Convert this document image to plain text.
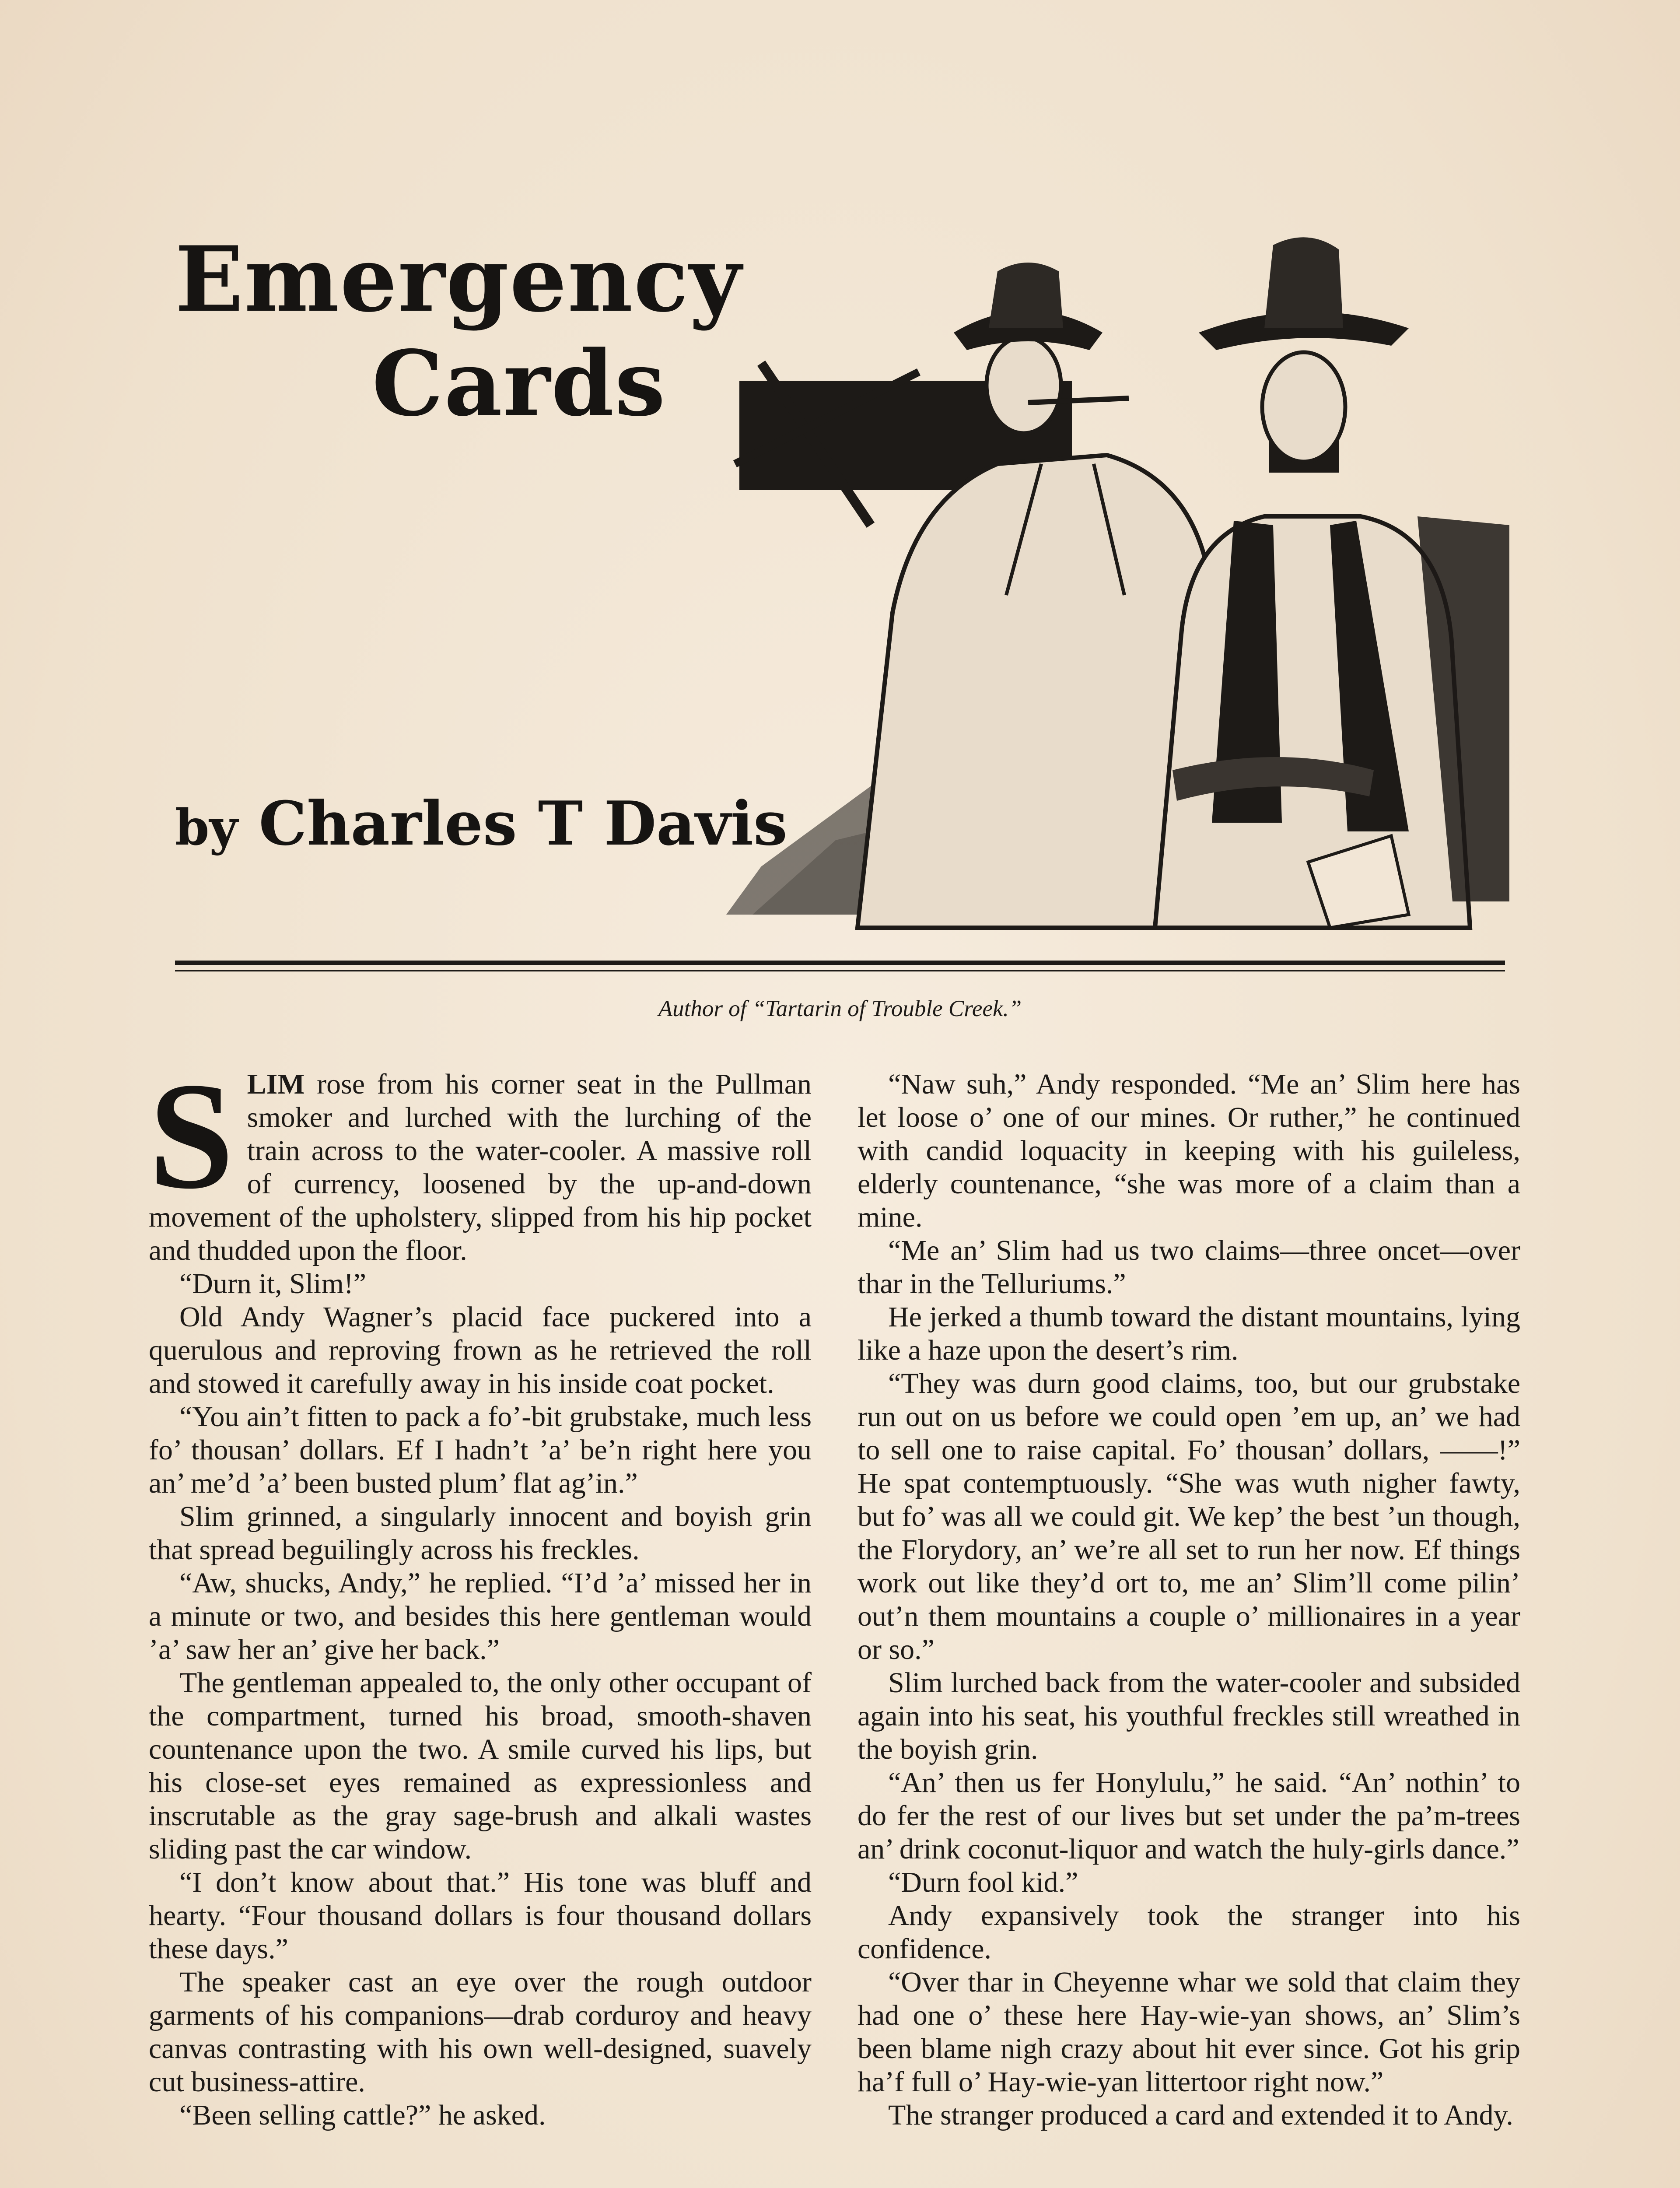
Emergency
Cards
by Charles T Davis

Author of “Tartarin of Trouble Creek.”

SLIM rose from his corner seat in the Pullman smoker and lurched with the lurching of the train across to the water-cooler. A massive roll of currency, loosened by the up-and-down movement of the upholstery, slipped from his hip pocket and thudded upon the floor.

“Durn it, Slim!”

Old Andy Wagner’s placid face puckered into a querulous and reproving frown as he retrieved the roll and stowed it carefully away in his inside coat pocket.

“You ain’t fitten to pack a fo’-bit grubstake, much less fo’ thousan’ dollars. Ef I hadn’t ’a’ be’n right here you an’ me’d ’a’ been busted plum’ flat ag’in.”

Slim grinned, a singularly innocent and boyish grin that spread beguilingly across his freckles.

“Aw, shucks, Andy,” he replied. “I’d ’a’ missed her in a minute or two, and besides this here gentleman would ’a’ saw her an’ give her back.”

The gentleman appealed to, the only other occupant of the compartment, turned his broad, smooth-shaven countenance upon the two. A smile curved his lips, but his close-set eyes remained as expressionless and inscrutable as the gray sage-brush and alkali wastes sliding past the car window.

“I don’t know about that.” His tone was bluff and hearty. “Four thousand dollars is four thousand dollars these days.”

The speaker cast an eye over the rough outdoor garments of his companions—drab corduroy and heavy canvas contrasting with his own well-designed, suavely cut business-attire.

“Been selling cattle?” he asked.

“Naw suh,” Andy responded. “Me an’ Slim here has let loose o’ one of our mines. Or ruther,” he continued with candid loquacity in keeping with his guileless, elderly countenance, “she was more of a claim than a mine.

“Me an’ Slim had us two claims—three oncet—over thar in the Telluriums.”

He jerked a thumb toward the distant mountains, lying like a haze upon the desert’s rim.

“They was durn good claims, too, but our grubstake run out on us before we could open ’em up, an’ we had to sell one to raise capital. Fo’ thousan’ dollars, ——!” He spat contemptuously. “She was wuth nigher fawty, but fo’ was all we could git. We kep’ the best ’un though, the Florydory, an’ we’re all set to run her now. Ef things work out like they’d ort to, me an’ Slim’ll come pilin’ out’n them mountains a couple o’ millionaires in a year or so.”

Slim lurched back from the water-cooler and subsided again into his seat, his youthful freckles still wreathed in the boyish grin.

“An’ then us fer Honylulu,” he said. “An’ nothin’ to do fer the rest of our lives but set under the pa’m-trees an’ drink coconut-liquor and watch the huly-girls dance.”

“Durn fool kid.”

Andy expansively took the stranger into his confidence.

“Over thar in Cheyenne whar we sold that claim they had one o’ these here Hay-wie-yan shows, an’ Slim’s been blame nigh crazy about hit ever since. Got his grip ha’f full o’ Hay-wie-yan littertoor right now.”

The stranger produced a card and extended it to Andy.
